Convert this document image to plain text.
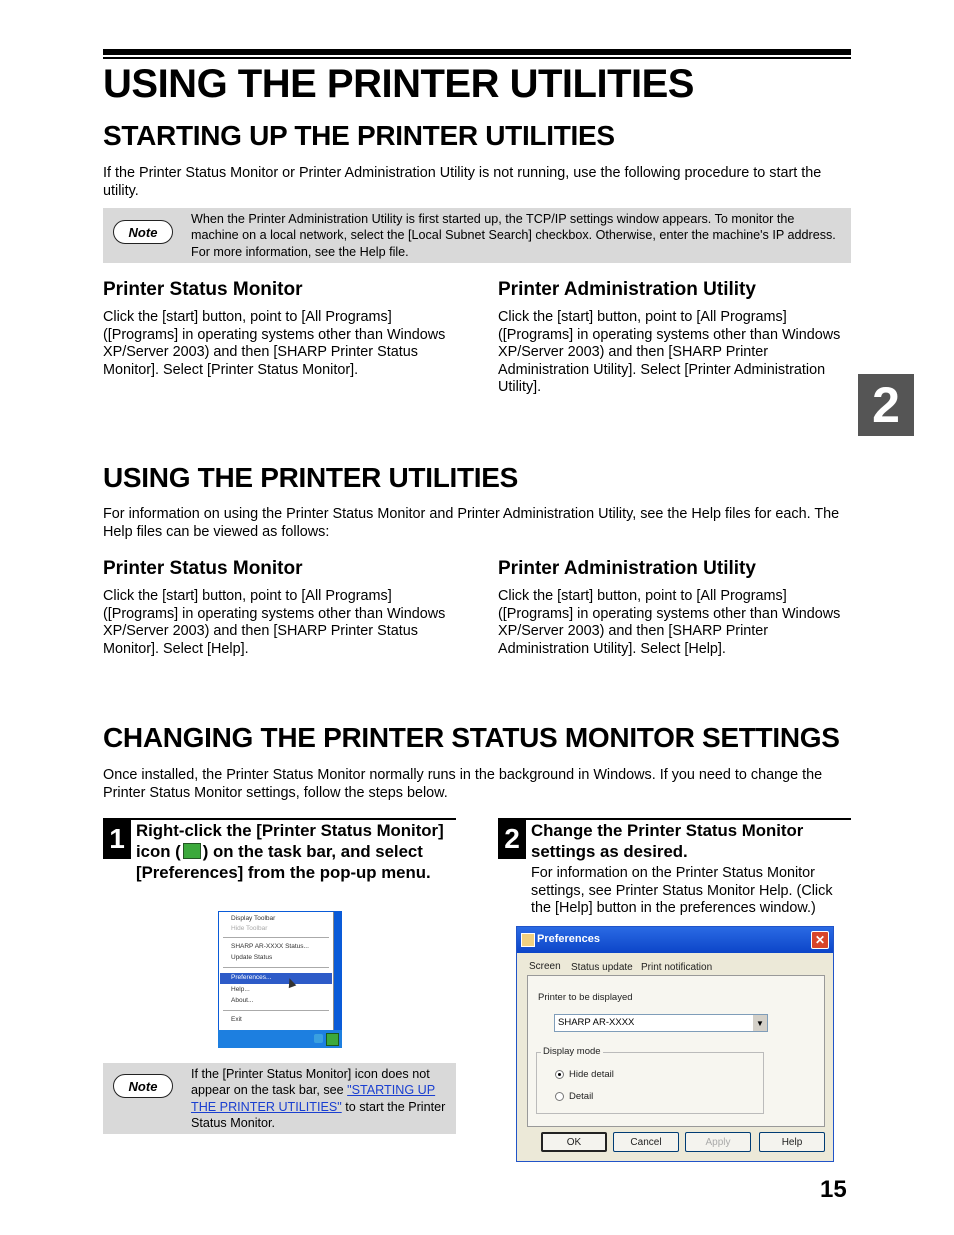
USING THE PRINTER UTILITIES
STARTING UP THE PRINTER UTILITIES

If the Printer Status Monitor or Printer Administration Utility is not running, use the following procedure to start the utility.

Note
When the Printer Administration Utility is first started up, the TCP/IP settings window appears. To monitor the machine on a local network, select the [Local Subnet Search] checkbox. Otherwise, enter the machine's IP address. For more information, see the Help file.
Printer Status Monitor

Click the [start] button, point to [All Programs] ([Programs] in operating systems other than Windows XP/Server 2003) and then [SHARP Printer Status Monitor]. Select [Printer Status Monitor].

Printer Administration Utility

Click the [start] button, point to [All Programs] ([Programs] in operating systems other than Windows XP/Server 2003) and then [SHARP Printer Administration Utility]. Select [Printer Administration Utility].	2
USING THE PRINTER UTILITIES

For information on using the Printer Status Monitor and Printer Administration Utility, see the Help files for each. The Help files can be viewed as follows:

Printer Status Monitor

Click the [start] button, point to [All Programs] ([Programs] in operating systems other than Windows XP/Server 2003) and then [SHARP Printer Status Monitor]. Select [Help].

Printer Administration Utility

Click the [start] button, point to [All Programs] ([Programs] in operating systems other than Windows XP/Server 2003) and then [SHARP Printer Administration Utility]. Select [Help].

CHANGING THE PRINTER STATUS MONITOR SETTINGS

Once installed, the Printer Status Monitor normally runs in the background in Windows. If you need to change the Printer Status Monitor settings, follow the steps below.

1 Right-click the [Printer Status Monitor] icon ( ) on the task bar, and select [Preferences] from the pop-up menu.
Display Toolbar
Hide Toolbar
SHARP AR-XXXX Status...
Update Status
Preferences...
Help...
About...
Exit
Note
If the [Printer Status Monitor] icon does not appear on the task bar, see "STARTING UP THE PRINTER UTILITIES" to start the Printer Status Monitor.
2 Change the Printer Status Monitor settings as desired.

For information on the Printer Status Monitor settings, see Printer Status Monitor Help. (Click the [Help] button in the preferences window.)

Preferences	✕
Screen Status update Print notification
Printer to be displayed
SHARP AR-XXXX	▼
Display mode
Hide detail
Detail
OK	Cancel	Apply	Help
15
